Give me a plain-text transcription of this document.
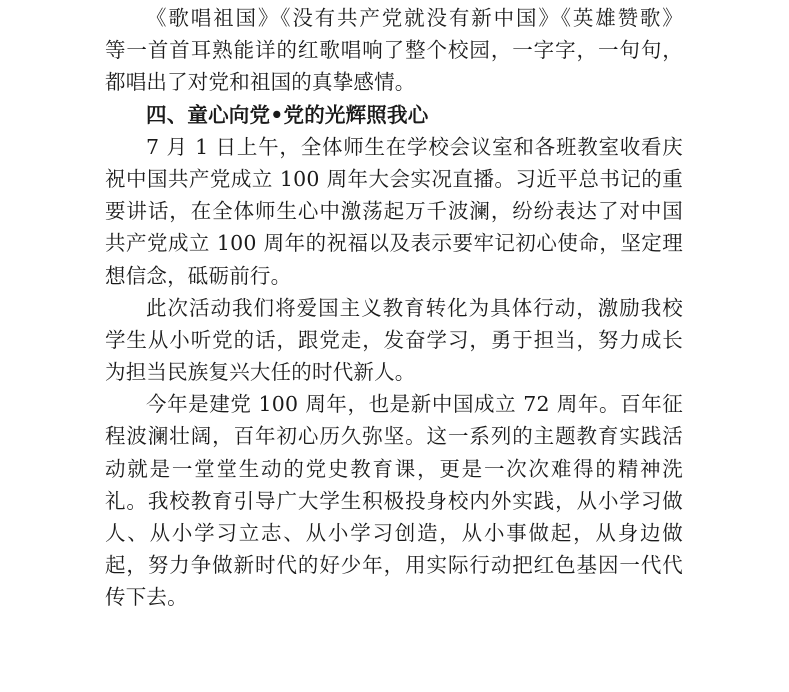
《歌唱祖国》《没有共产党就没有新中国》《英雄赞歌》
等一首首耳熟能详的红歌唱响了整个校园，一字字，一句句，
都唱出了对党和祖国的真挚感情。
四、童心向党•党的光辉照我心
7 月 1 日上午，全体师生在学校会议室和各班教室收看庆
祝中国共产党成立 100 周年大会实况直播。习近平总书记的重
要讲话，在全体师生心中激荡起万千波澜，纷纷表达了对中国
共产党成立 100 周年的祝福以及表示要牢记初心使命，坚定理
想信念，砥砺前行。
此次活动我们将爱国主义教育转化为具体行动，激励我校
学生从小听党的话，跟党走，发奋学习，勇于担当，努力成长
为担当民族复兴大任的时代新人。
今年是建党 100 周年，也是新中国成立 72 周年。百年征
程波澜壮阔，百年初心历久弥坚。这一系列的主题教育实践活
动就是一堂堂生动的党史教育课，更是一次次难得的精神洗
礼。我校教育引导广大学生积极投身校内外实践，从小学习做
人、从小学习立志、从小学习创造，从小事做起，从身边做
起，努力争做新时代的好少年，用实际行动把红色基因一代代
传下去。
